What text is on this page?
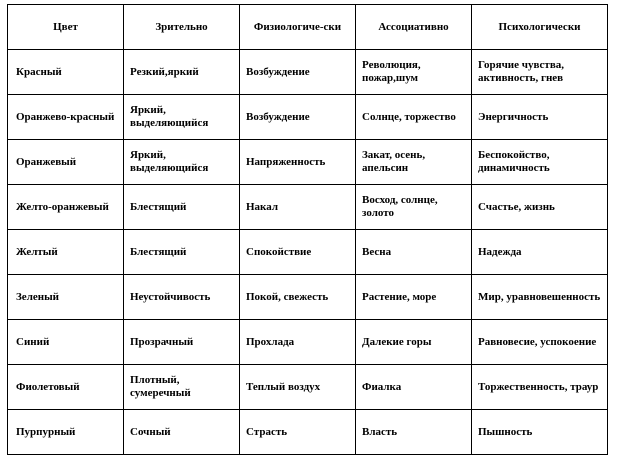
Цвет	Зрительно	Физиологиче-ски	Ассоциативно	Психологически
Красный	Резкий,яркий	Возбуждение	Революция, пожар,шум	Горячие чувства, активность, гнев
Оранжево-красный	Яркий, выделяющийся	Возбуждение	Солнце, торжество	Энергичность
Оранжевый	Яркий, выделяющийся	Напряженность	Закат, осень, апельсин	Беспокойство, динамичность
Желто-оранжевый	Блестящий	Накал	Восход, солнце, золото	Счастье, жизнь
Желтый	Блестящий	Спокойствие	Весна	Надежда
Зеленый	Неустойчивость	Покой, свежесть	Растение, море	Мир, уравновешенность
Синий	Прозрачный	Прохлада	Далекие горы	Равновесие, успокоение
Фиолетовый	Плотный, сумеречный	Теплый воздух	Фиалка	Торжественность, траур
Пурпурный	Сочный	Страсть	Власть	Пышность
